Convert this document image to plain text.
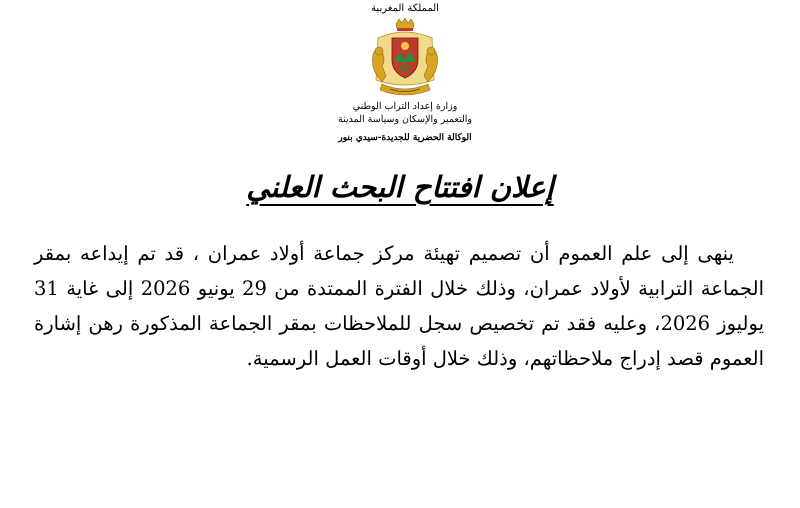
المملكة المغربية

وزارة إعداد التراب الوطني

والتعمير والإسكان وسياسة المدينة

الوكالة الحضرية للجديدة-سيدي بنور

إعلان افتتاح البحث العلني

ينهى إلى علم العموم أن تصميم تهيئة مركز جماعة أولاد عمران ، قد تم إيداعه بمقر الجماعة الترابية لأولاد عمران، وذلك خلال الفترة الممتدة من 29 يونيو 2026 إلى غاية 31 يوليوز 2026، وعليه فقد تم تخصيص سجل للملاحظات بمقر الجماعة المذكورة رهن إشارة العموم قصد إدراج ملاحظاتهم، وذلك خلال أوقات العمل الرسمية.
